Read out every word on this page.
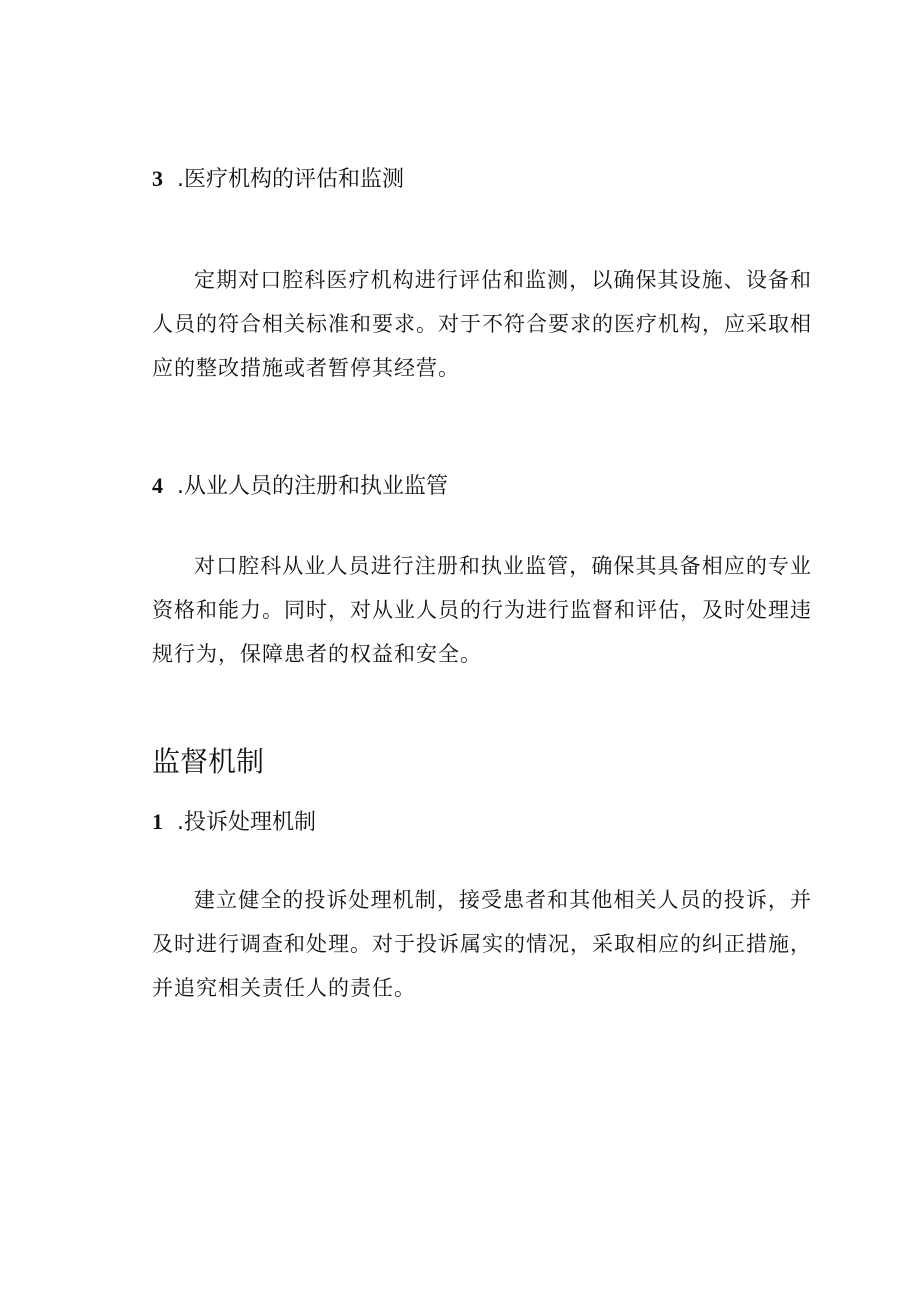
3 .医疗机构的评估和监测

定期对口腔科医疗机构进行评估和监测，以确保其设施、设备和人员的符合相关标准和要求。对于不符合要求的医疗机构，应采取相应的整改措施或者暂停其经营。

4 .从业人员的注册和执业监管

对口腔科从业人员进行注册和执业监管，确保其具备相应的专业资格和能力。同时，对从业人员的行为进行监督和评估，及时处理违规行为，保障患者的权益和安全。

监督机制
1 .投诉处理机制

建立健全的投诉处理机制，接受患者和其他相关人员的投诉，并及时进行调查和处理。对于投诉属实的情况，采取相应的纠正措施，并追究相关责任人的责任。
